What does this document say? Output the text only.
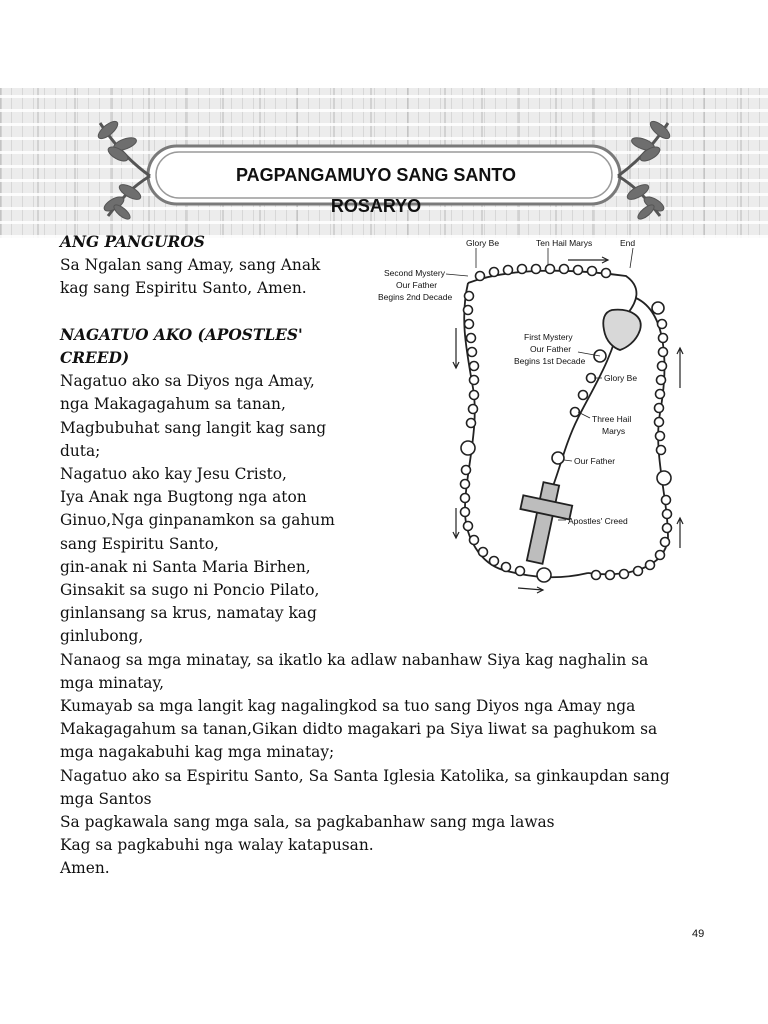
PAGPANGAMUYO SANG SANTO
ROSARYO
Glory Be	Ten Hail Marys	End
Second Mystery
Our Father
Begins 2nd Decade
First Mystery
Our Father
Begins 1st Decade
Glory Be
Three Hail
Marys
Our Father
Apostles' Creed
ANG PANGUROS
Sa Ngalan sang Amay, sang Anak
kag sang Espiritu Santo, Amen.
NAGATUO AKO (APOSTLES'
CREED)
Nagatuo ako sa Diyos nga Amay,
nga Makagagahum sa tanan,
Magbubuhat sang langit kag sang
duta;
Nagatuo ako kay Jesu Cristo,
Iya Anak nga Bugtong nga aton
Ginuo,Nga ginpanamkon sa gahum
sang Espiritu Santo,
gin-anak ni Santa Maria Birhen,
Ginsakit sa sugo ni Poncio Pilato,
ginlansang sa krus, namatay kag
ginlubong,
Nanaog sa mga minatay, sa ikatlo ka adlaw nabanhaw Siya kag naghalin sa
mga minatay,
Kumayab sa mga langit kag nagalingkod sa tuo sang Diyos nga Amay nga
Makagagahum sa tanan,Gikan didto magakari pa Siya liwat sa paghukom sa
mga nagakabuhi kag mga minatay;
Nagatuo ako sa Espiritu Santo, Sa Santa Iglesia Katolika, sa ginkaupdan sang
mga Santos
Sa pagkawala sang mga sala, sa pagkabanhaw sang mga lawas
Kag sa pagkabuhi nga walay katapusan.
Amen.
49
